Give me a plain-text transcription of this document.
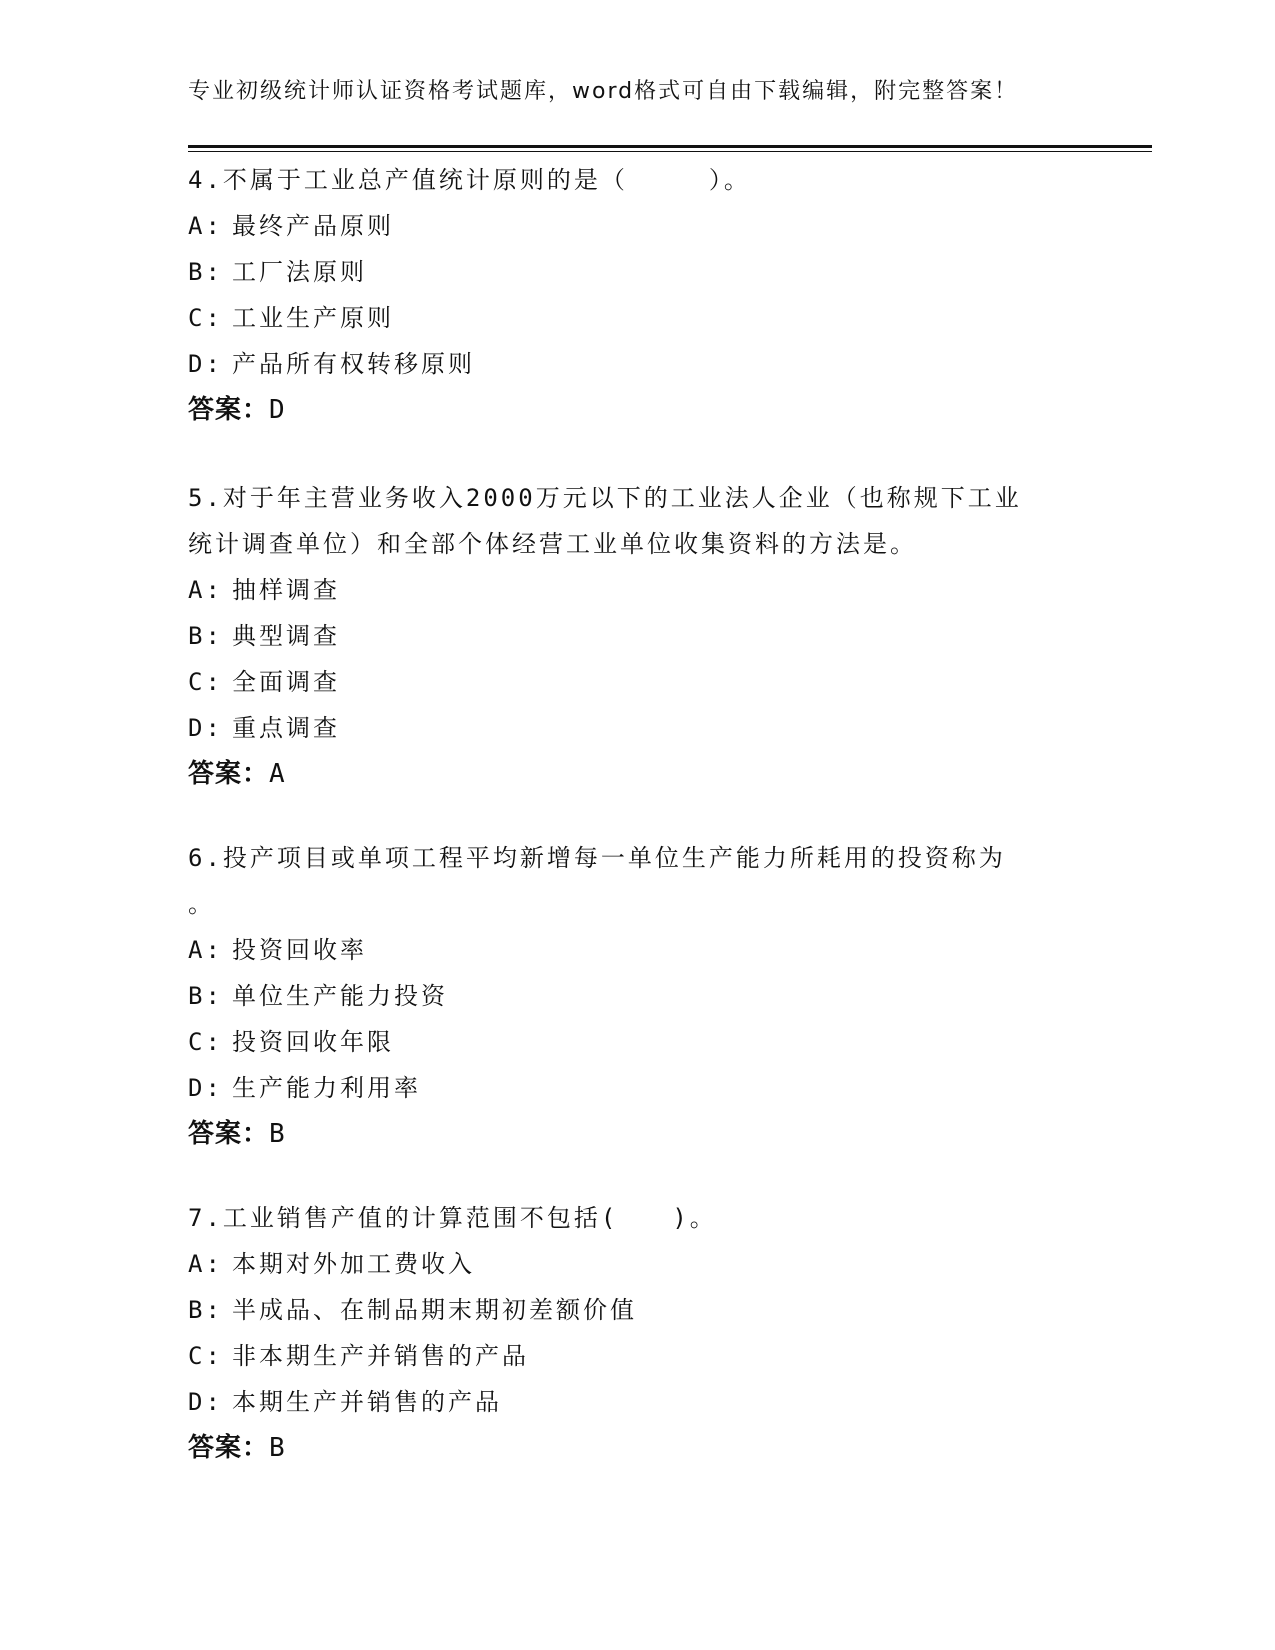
专业初级统计师认证资格考试题库，word格式可自由下载编辑，附完整答案！

4.不属于工业总产值统计原则的是（　　　）。

A: 最终产品原则

B: 工厂法原则

C: 工业生产原则

D: 产品所有权转移原则

答案：D

5.对于年主营业务收入2000万元以下的工业法人企业（也称规下工业

统计调查单位）和全部个体经营工业单位收集资料的方法是。

A: 抽样调查

B: 典型调查

C: 全面调查

D: 重点调查

答案：A

6.投产项目或单项工程平均新增每一单位生产能力所耗用的投资称为

。

A: 投资回收率

B: 单位生产能力投资

C: 投资回收年限

D: 生产能力利用率

答案：B

7.工业销售产值的计算范围不包括(　　)。

A: 本期对外加工费收入

B: 半成品、在制品期末期初差额价值

C: 非本期生产并销售的产品

D: 本期生产并销售的产品

答案：B
